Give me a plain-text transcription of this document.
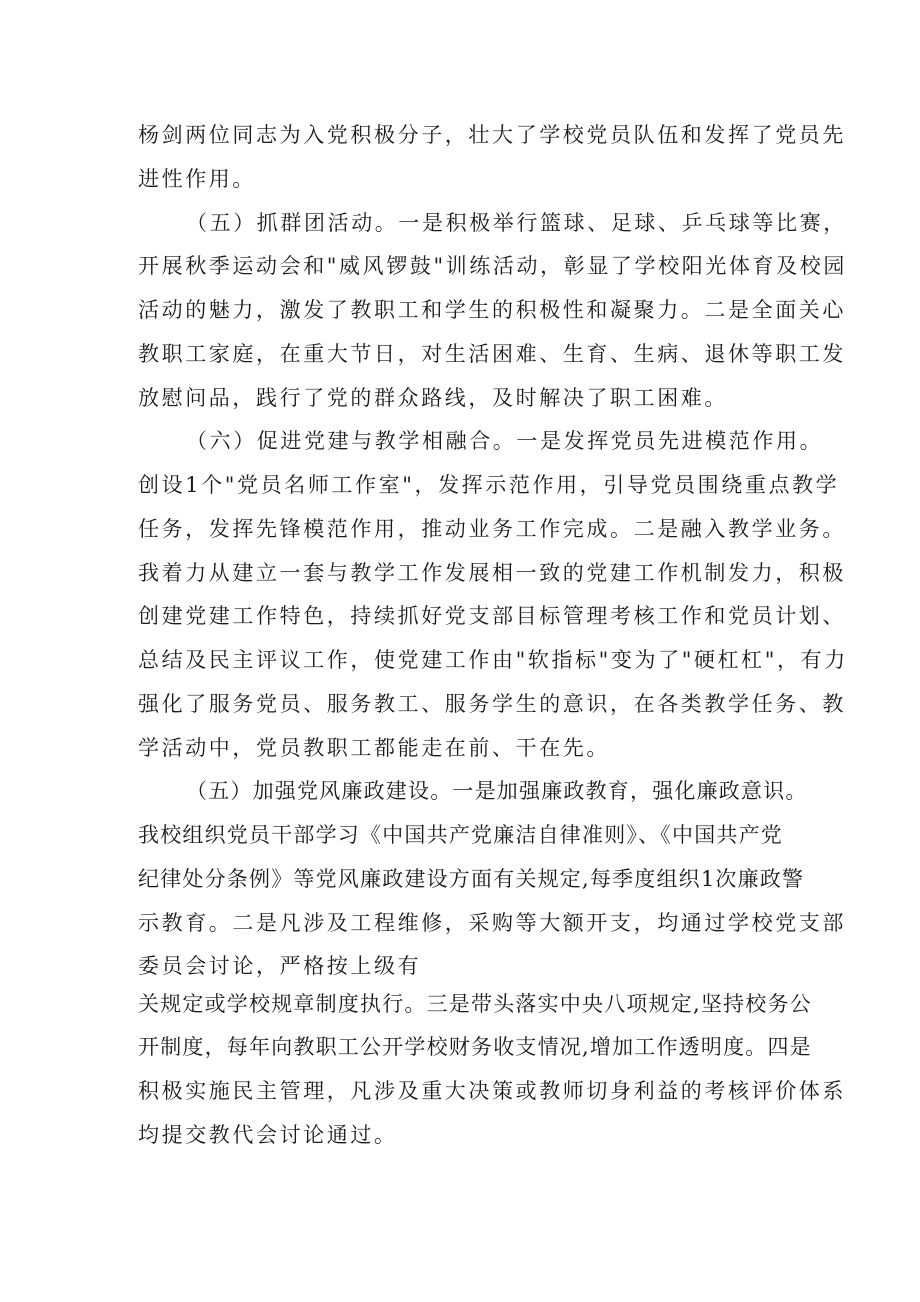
杨剑两位同志为入党积极分子，壮大了学校党员队伍和发挥了党员先
进性作用。
（五）抓群团活动。一是积极举行篮球、足球、乒乓球等比赛，
开展秋季运动会和"威风锣鼓"训练活动，彰显了学校阳光体育及校园
活动的魅力，激发了教职工和学生的积极性和凝聚力。二是全面关心
教职工家庭，在重大节日，对生活困难、生育、生病、退休等职工发
放慰问品，践行了党的群众路线，及时解决了职工困难。
（六）促进党建与教学相融合。一是发挥党员先进模范作用。
创设1个"党员名师工作室"，发挥示范作用，引导党员围绕重点教学
任务，发挥先锋模范作用，推动业务工作完成。二是融入教学业务。
我着力从建立一套与教学工作发展相一致的党建工作机制发力，积极
创建党建工作特色，持续抓好党支部目标管理考核工作和党员计划、
总结及民主评议工作，使党建工作由"软指标"变为了"硬杠杠"，有力
强化了服务党员、服务教工、服务学生的意识，在各类教学任务、教
学活动中，党员教职工都能走在前、干在先。
（五）加强党风廉政建设。一是加强廉政教育，强化廉政意识。
我校组织党员干部学习《中国共产党廉洁自律准则》、《中国共产党
纪律处分条例》等党风廉政建设方面有关规定,每季度组织1次廉政警
示教育。二是凡涉及工程维修，采购等大额开支，均通过学校党支部
委员会讨论，严格按上级有
关规定或学校规章制度执行。三是带头落实中央八项规定,坚持校务公
开制度，每年向教职工公开学校财务收支情况,增加工作透明度。四是
积极实施民主管理，凡涉及重大决策或教师切身利益的考核评价体系
均提交教代会讨论通过。
